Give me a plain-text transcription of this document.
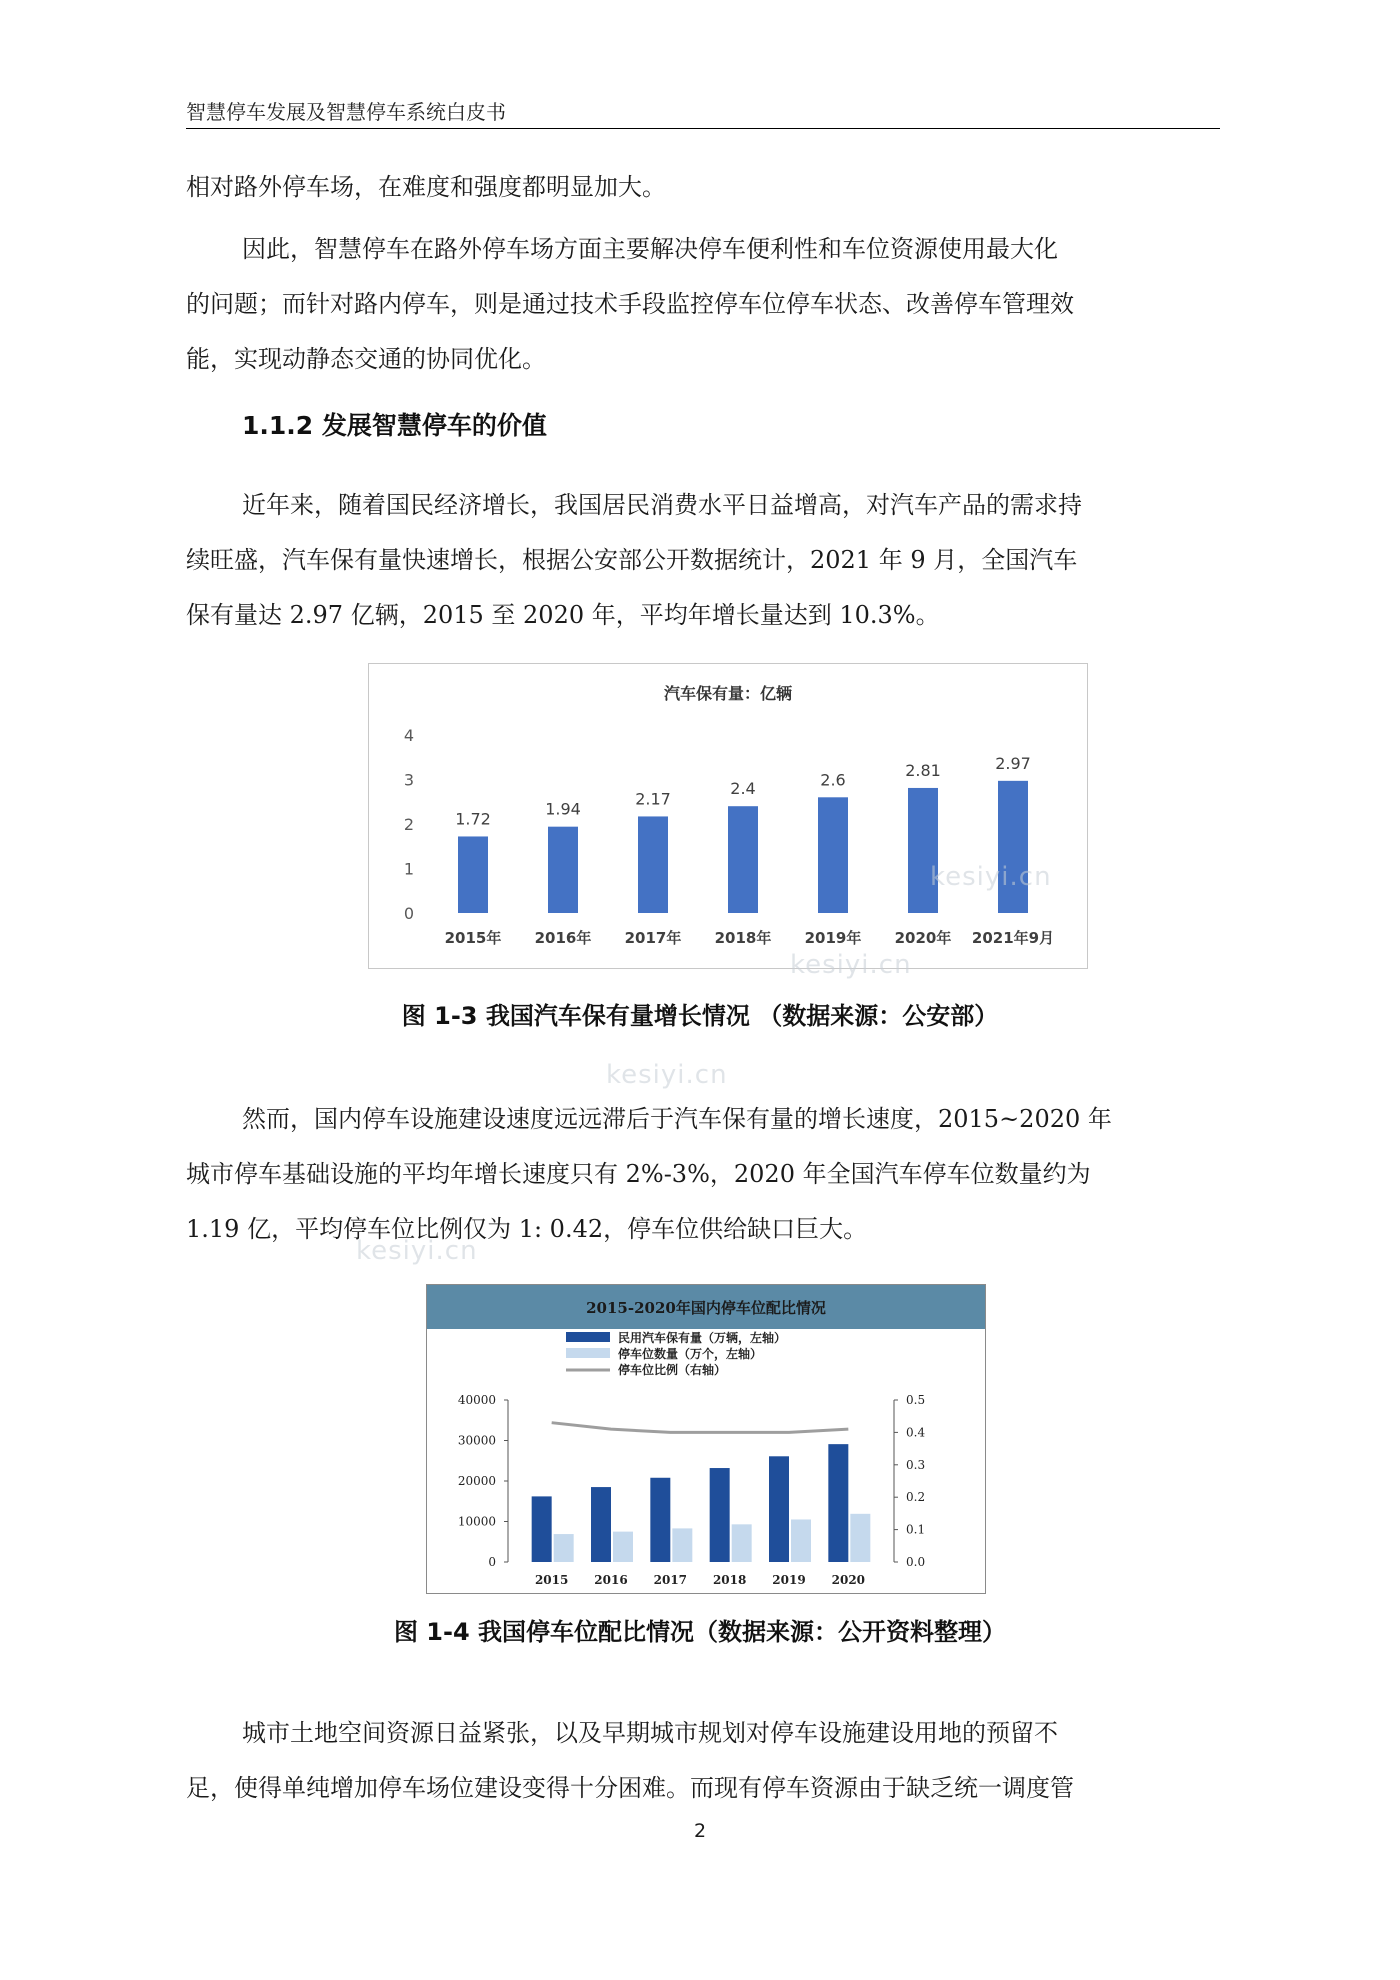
智慧停车发展及智慧停车系统白皮书
相对路外停车场，在难度和强度都明显加大。
因此，智慧停车在路外停车场方面主要解决停车便利性和车位资源使用最大化
的问题；而针对路内停车，则是通过技术手段监控停车位停车状态、改善停车管理效
能，实现动静态交通的协同优化。
1.1.2 发展智慧停车的价值
近年来，随着国民经济增长，我国居民消费水平日益增高，对汽车产品的需求持
续旺盛，汽车保有量快速增长，根据公安部公开数据统计，2021 年 9 月，全国汽车
保有量达 2.97 亿辆，2015 至 2020 年，平均年增长量达到 10.3%。
汽车保有量：亿辆
0
1
2
3
4
1.72
1.94
2.17
2.4	2.6	2.81	2.97
2015年 2016年 2017年 2018年 2019年 2020年 2021年9月
图 1-3 我国汽车保有量增长情况 （数据来源：公安部）
然而，国内停车设施建设速度远远滞后于汽车保有量的增长速度，2015~2020 年
城市停车基础设施的平均年增长速度只有 2%-3%，2020 年全国汽车停车位数量约为
1.19 亿，平均停车位比例仅为 1: 0.42，停车位供给缺口巨大。
2015-2020年国内停车位配比情况
民用汽车保有量（万辆，左轴）
停车位数量（万个，左轴）
停车位比例（右轴）
0
10000
20000
30000
40000
0.0
0.1
0.2
0.3
0.4
0.5
2015 2016 2017 2018 2019 2020
图 1-4 我国停车位配比情况（数据来源：公开资料整理）
城市土地空间资源日益紧张，以及早期城市规划对停车设施建设用地的预留不
足，使得单纯增加停车场位建设变得十分困难。而现有停车资源由于缺乏统一调度管
2
kesiyi.cn
kesiyi.cn
kesiyi.cn
kesiyi.cn
